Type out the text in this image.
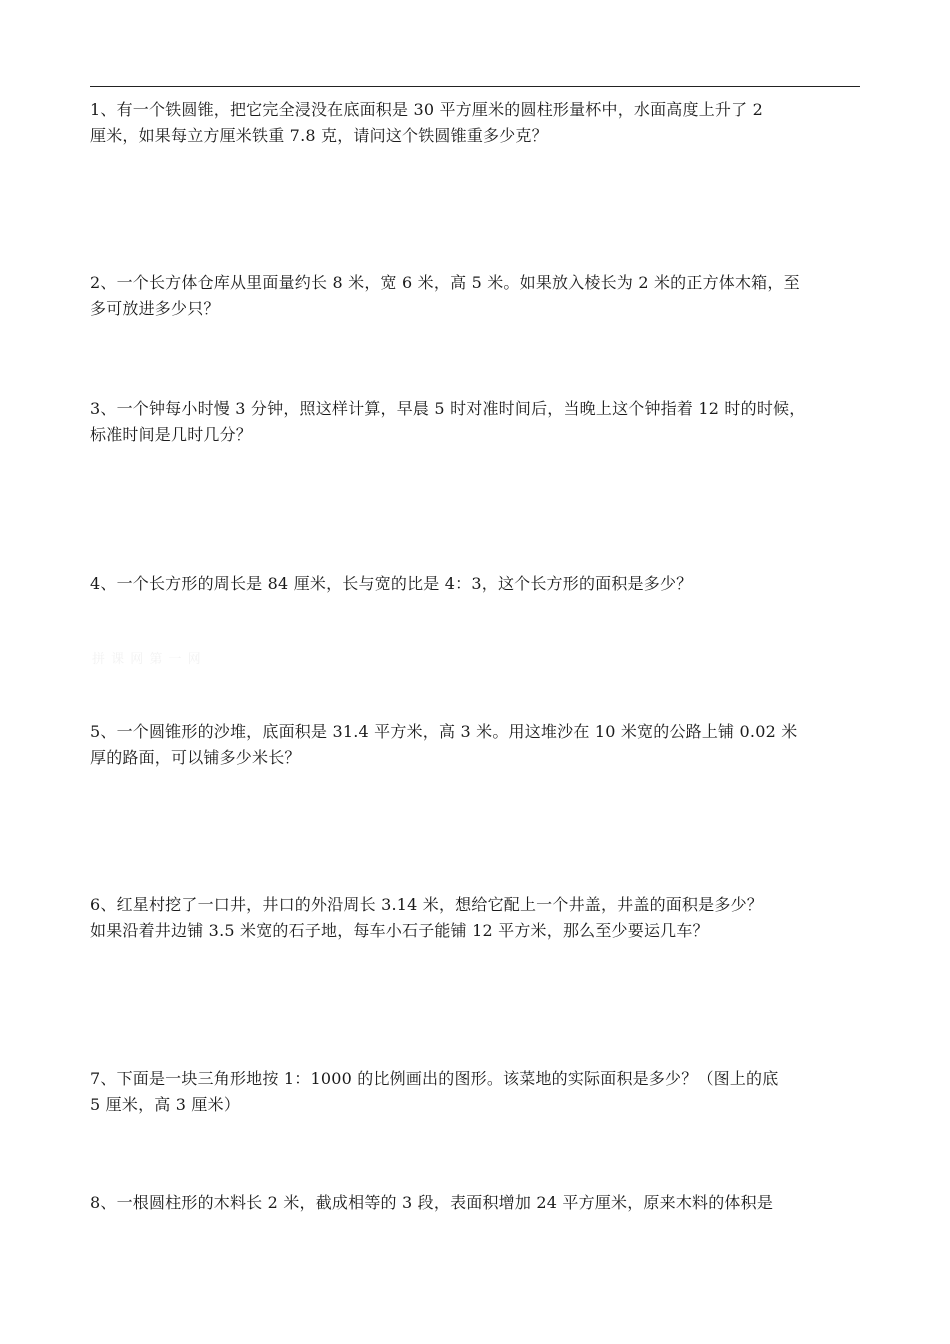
1、有一个铁圆锥，把它完全浸没在底面积是 30 平方厘米的圆柱形量杯中，水面高度上升了 2
厘米，如果每立方厘米铁重 7.8 克，请问这个铁圆锥重多少克？
2、一个长方体仓库从里面量约长 8 米，宽 6 米，高 5 米。如果放入棱长为 2 米的正方体木箱，至
多可放进多少只？
3、一个钟每小时慢 3 分钟，照这样计算，早晨 5 时对准时间后，当晚上这个钟指着 12 时的时候，
标准时间是几时几分？
4、一个长方形的周长是 84 厘米，长与宽的比是 4：3，这个长方形的面积是多少？
拼 课 网 第 一 网
5、一个圆锥形的沙堆，底面积是 31.4 平方米，高 3 米。用这堆沙在 10 米宽的公路上铺 0.02 米
厚的路面，可以铺多少米长？
6、红星村挖了一口井，井口的外沿周长 3.14 米，想给它配上一个井盖，井盖的面积是多少？
如果沿着井边铺 3.5 米宽的石子地，每车小石子能铺 12 平方米，那么至少要运几车？
7、下面是一块三角形地按 1：1000 的比例画出的图形。该菜地的实际面积是多少？（图上的底
5 厘米，高 3 厘米）
8、一根圆柱形的木料长 2 米，截成相等的 3 段，表面积增加 24 平方厘米，原来木料的体积是
